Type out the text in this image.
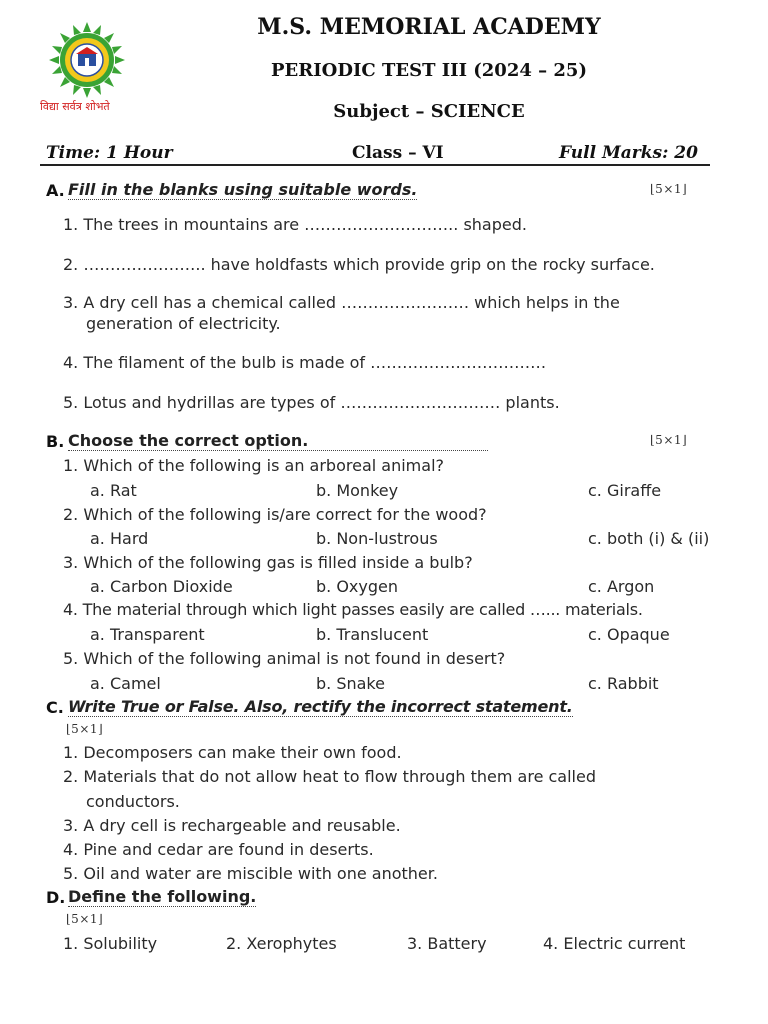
विद्या सर्वत्र शोभते
M.S. MEMORIAL ACADEMY
PERIODIC TEST III (2024 – 25)
Subject – SCIENCE
Time: 1 Hour	Class – VI	Full Marks: 20
A. Fill in the blanks using suitable words.	⌊5×1⌋
1. The trees in mountains are ……………………….. shaped.
2. ………………….. have holdfasts which provide grip on the rocky surface.
3. A dry cell has a chemical called …………………… which helps in the
generation of electricity.
4. The filament of the bulb is made of ……………………………
5. Lotus and hydrillas are types of ………………………… plants.
B. Choose the correct option.	⌊5×1⌋
1. Which of the following is an arboreal animal?
a. Rat	b. Monkey	c. Giraffe
2. Which of the following is/are correct for the wood?
a. Hard	b. Non-lustrous	c. both (i) & (ii)
3. Which of the following gas is filled inside a bulb?
a. Carbon Dioxide	b. Oxygen	c. Argon
4. The material through which light passes easily are called …... materials.
a. Transparent	b. Translucent	c. Opaque
5. Which of the following animal is not found in desert?
a. Camel	b. Snake	c. Rabbit
C. Write True or False. Also, rectify the incorrect statement.
⌊5×1⌋
1. Decomposers can make their own food.
2. Materials that do not allow heat to flow through them are called
conductors.
3. A dry cell is rechargeable and reusable.
4. Pine and cedar are found in deserts.
5. Oil and water are miscible with one another.
D. Define the following.
⌊5×1⌋
1. Solubility	2. Xerophytes	3. Battery	4. Electric current
